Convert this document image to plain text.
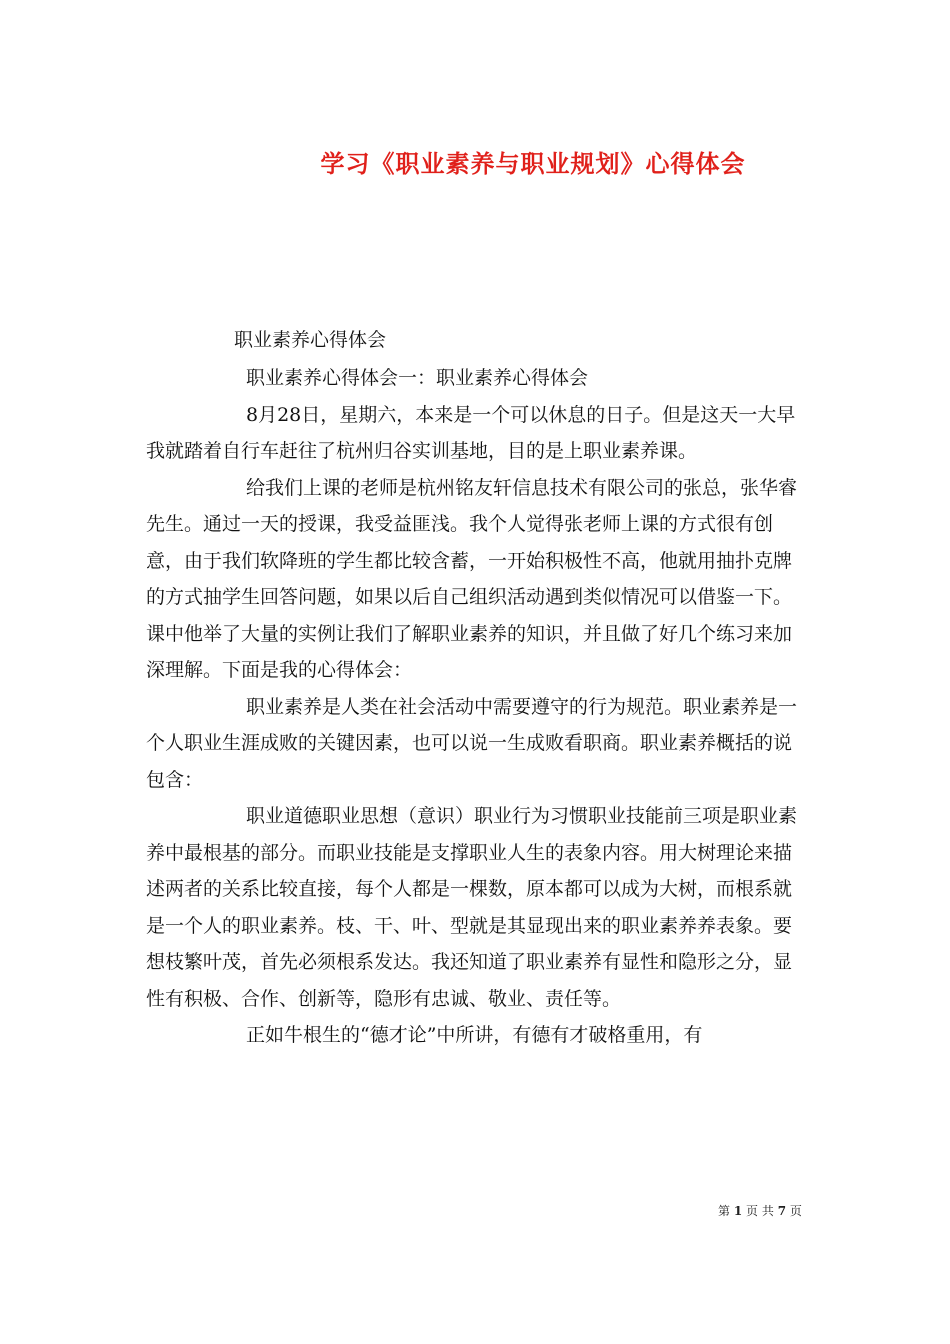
学习《职业素养与职业规划》心得体会
职业素养心得体会

职业素养心得体会一：职业素养心得体会

8月28日，星期六，本来是一个可以休息的日子。但是这天一大早我就踏着自行车赶往了杭州归谷实训基地，目的是上职业素养课。

给我们上课的老师是杭州铭友轩信息技术有限公司的张总，张华睿先生。通过一天的授课，我受益匪浅。我个人觉得张老师上课的方式很有创意，由于我们软降班的学生都比较含蓄，一开始积极性不高，他就用抽扑克牌的方式抽学生回答问题，如果以后自己组织活动遇到类似情况可以借鉴一下。课中他举了大量的实例让我们了解职业素养的知识，并且做了好几个练习来加深理解。下面是我的心得体会：

职业素养是人类在社会活动中需要遵守的行为规范。职业素养是一个人职业生涯成败的关键因素，也可以说一生成败看职商。职业素养概括的说包含：

职业道德职业思想（意识）职业行为习惯职业技能前三项是职业素养中最根基的部分。而职业技能是支撑职业人生的表象内容。用大树理论来描述两者的关系比较直接，每个人都是一棵数，原本都可以成为大树，而根系就是一个人的职业素养。枝、干、叶、型就是其显现出来的职业素养养表象。要想枝繁叶茂，首先必须根系发达。我还知道了职业素养有显性和隐形之分，显性有积极、合作、创新等，隐形有忠诚、敬业、责任等。

正如牛根生的“德才论”中所讲，有德有才破格重用，有

第 1 页 共 7 页
